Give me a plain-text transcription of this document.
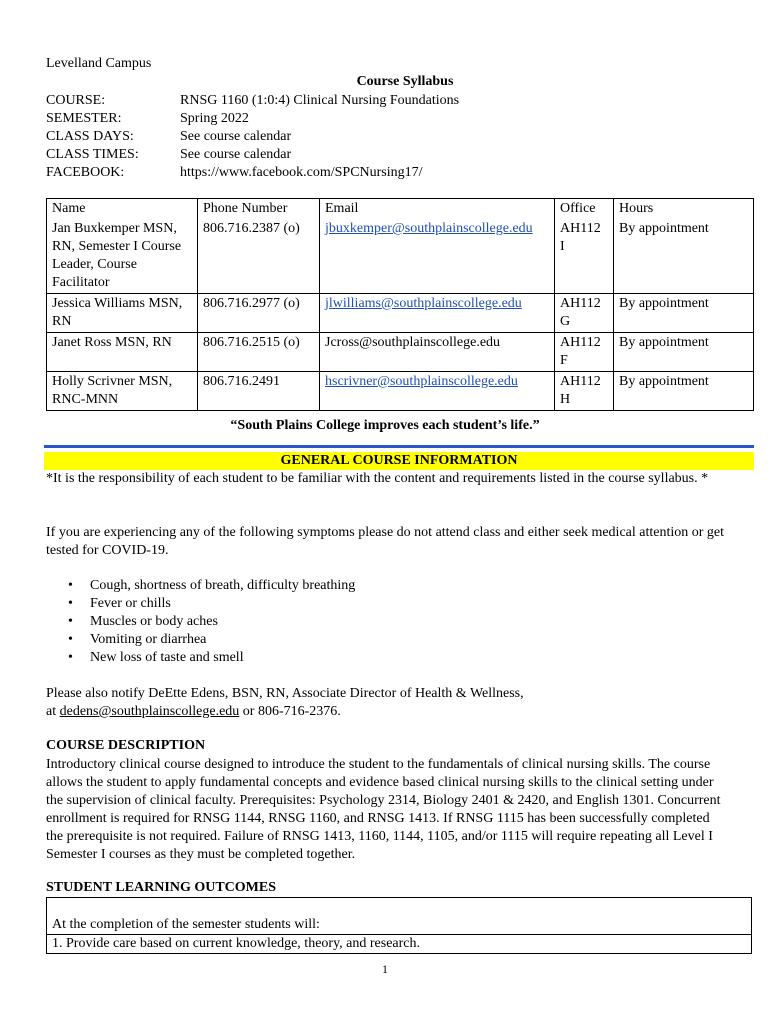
Levelland Campus
Course Syllabus
COURSE:	RNSG 1160 (1:0:4) Clinical Nursing Foundations
SEMESTER:	Spring 2022
CLASS DAYS:	See course calendar
CLASS TIMES:	See course calendar
FACEBOOK:	https://www.facebook.com/SPCNursing17/
Name	Phone Number	Email	Office	Hours
Jan Buxkemper MSN, RN, Semester I Course Leader, Course Facilitator	806.716.2387 (o)	jbuxkemper@southplainscollege.edu	AH112 I	By appointment
Jessica Williams MSN, RN	806.716.2977 (o)	jlwilliams@southplainscollege.edu	AH112 G	By appointment
Janet Ross MSN, RN	806.716.2515 (o)	Jcross@southplainscollege.edu	AH112 F	By appointment
Holly Scrivner MSN, RNC-MNN	806.716.2491	hscrivner@southplainscollege.edu	AH112 H	By appointment
“South Plains College improves each student’s life.”
GENERAL COURSE INFORMATION
*It is the responsibility of each student to be familiar with the content and requirements listed in the course syllabus. *
If you are experiencing any of the following symptoms please do not attend class and either seek medical attention or get tested for COVID-19.
• Cough, shortness of breath, difficulty breathing
• Fever or chills
• Muscles or body aches
• Vomiting or diarrhea
• New loss of taste and smell
Please also notify DeEtte Edens, BSN, RN, Associate Director of Health & Wellness,
at dedens@southplainscollege.edu or 806-716-2376.
COURSE DESCRIPTION
Introductory clinical course designed to introduce the student to the fundamentals of clinical nursing skills. The course allows the student to apply fundamental concepts and evidence based clinical nursing skills to the clinical setting under the supervision of clinical faculty. Prerequisites: Psychology 2314, Biology 2401 & 2420, and English 1301. Concurrent enrollment is required for RNSG 1144, RNSG 1160, and RNSG 1413. If RNSG 1115 has been successfully completed the prerequisite is not required. Failure of RNSG 1413, 1160, 1144, 1105, and/or 1115 will require repeating all Level I Semester I courses as they must be completed together.
STUDENT LEARNING OUTCOMES
At the completion of the semester students will:
1. Provide care based on current knowledge, theory, and research.
1
